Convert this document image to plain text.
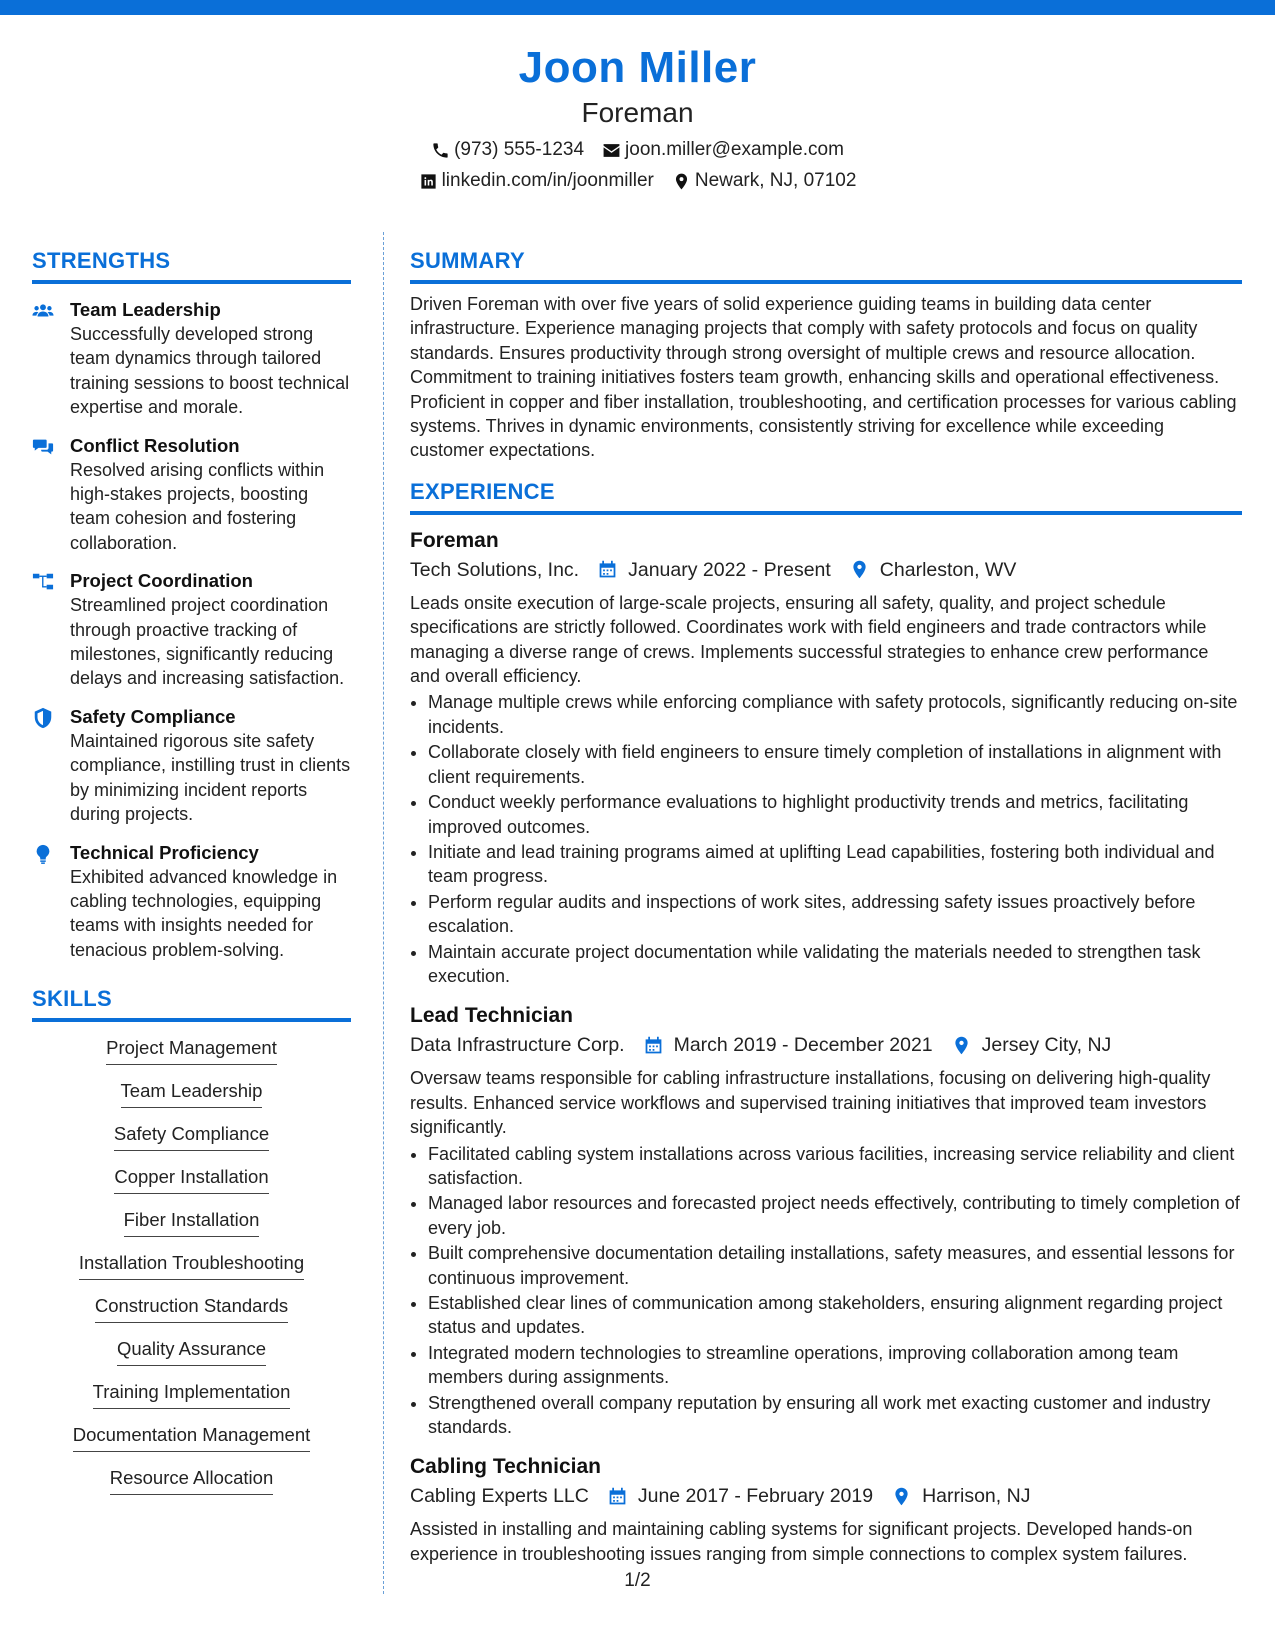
Joon Miller
Foreman
(973) 555-1234 joon.miller@example.com
linkedin.com/in/joonmiller Newark, NJ, 07102
STRENGTHS
Team Leadership
Successfully developed strong team dynamics through tailored training sessions to boost technical expertise and morale.
Conflict Resolution
Resolved arising conflicts within high-stakes projects, boosting team cohesion and fostering collaboration.
Project Coordination
Streamlined project coordination through proactive tracking of milestones, significantly reducing delays and increasing satisfaction.
Safety Compliance
Maintained rigorous site safety compliance, instilling trust in clients by minimizing incident reports during projects.
Technical Proficiency
Exhibited advanced knowledge in cabling technologies, equipping teams with insights needed for tenacious problem-solving.
SKILLS
Project Management
Team Leadership
Safety Compliance
Copper Installation
Fiber Installation
Installation Troubleshooting
Construction Standards
Quality Assurance
Training Implementation
Documentation Management
Resource Allocation
SUMMARY
Driven Foreman with over five years of solid experience guiding teams in building data center infrastructure. Experience managing projects that comply with safety protocols and focus on quality standards. Ensures productivity through strong oversight of multiple crews and resource allocation. Commitment to training initiatives fosters team growth, enhancing skills and operational effectiveness. Proficient in copper and fiber installation, troubleshooting, and certification processes for various cabling systems. Thrives in dynamic environments, consistently striving for excellence while exceeding customer expectations.
EXPERIENCE
Foreman
Tech Solutions, Inc.	January 2022 - Present	Charleston, WV
Leads onsite execution of large-scale projects, ensuring all safety, quality, and project schedule specifications are strictly followed. Coordinates work with field engineers and trade contractors while managing a diverse range of crews. Implements successful strategies to enhance crew performance and overall efficiency.
• Manage multiple crews while enforcing compliance with safety protocols, significantly reducing on-site incidents.
• Collaborate closely with field engineers to ensure timely completion of installations in alignment with client requirements.
• Conduct weekly performance evaluations to highlight productivity trends and metrics, facilitating improved outcomes.
• Initiate and lead training programs aimed at uplifting Lead capabilities, fostering both individual and team progress.
• Perform regular audits and inspections of work sites, addressing safety issues proactively before escalation.
• Maintain accurate project documentation while validating the materials needed to strengthen task execution.
Lead Technician
Data Infrastructure Corp.	March 2019 - December 2021	Jersey City, NJ
Oversaw teams responsible for cabling infrastructure installations, focusing on delivering high-quality results. Enhanced service workflows and supervised training initiatives that improved team investors significantly.
• Facilitated cabling system installations across various facilities, increasing service reliability and client satisfaction.
• Managed labor resources and forecasted project needs effectively, contributing to timely completion of every job.
• Built comprehensive documentation detailing installations, safety measures, and essential lessons for continuous improvement.
• Established clear lines of communication among stakeholders, ensuring alignment regarding project status and updates.
• Integrated modern technologies to streamline operations, improving collaboration among team members during assignments.
• Strengthened overall company reputation by ensuring all work met exacting customer and industry standards.
Cabling Technician
Cabling Experts LLC	June 2017 - February 2019	Harrison, NJ
Assisted in installing and maintaining cabling systems for significant projects. Developed hands-on experience in troubleshooting issues ranging from simple connections to complex system failures.
1/2
